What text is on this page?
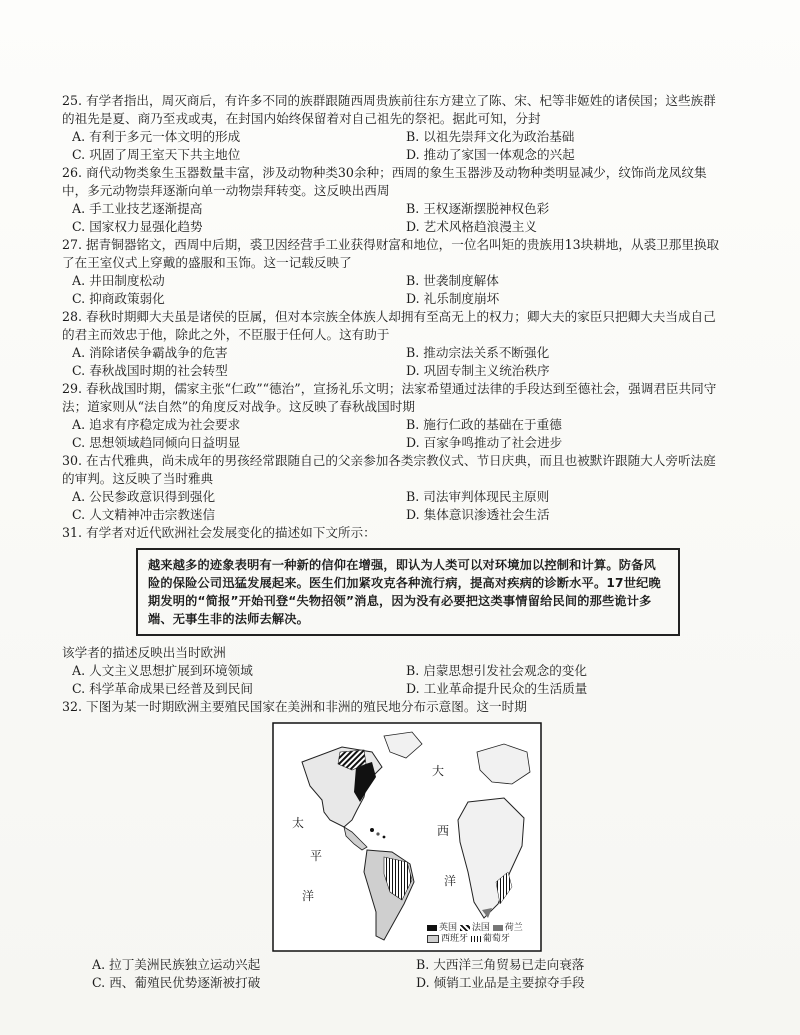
25. 有学者指出，周灭商后，有许多不同的族群跟随西周贵族前往东方建立了陈、宋、杞等非姬姓的诸侯国；这些族群的祖先是夏、商乃至戎或夷，在封国内始终保留着对自己祖先的祭祀。据此可知，分封
A. 有利于多元一体文明的形成	B. 以祖先崇拜文化为政治基础
C. 巩固了周王室天下共主地位	D. 推动了家国一体观念的兴起
26. 商代动物类象生玉器数量丰富，涉及动物种类30余种；西周的象生玉器涉及动物种类明显减少，纹饰尚龙凤纹集中，多元动物崇拜逐渐向单一动物崇拜转变。这反映出西周
A. 手工业技艺逐渐提高	B. 王权逐渐摆脱神权色彩
C. 国家权力显强化趋势	D. 艺术风格趋浪漫主义
27. 据青铜器铭文，西周中后期，裘卫因经营手工业获得财富和地位，一位名叫矩的贵族用13块耕地，从裘卫那里换取了在王室仪式上穿戴的盛服和玉饰。这一记载反映了
A. 井田制度松动	B. 世袭制度解体
C. 抑商政策弱化	D. 礼乐制度崩坏
28. 春秋时期卿大夫虽是诸侯的臣属，但对本宗族全体族人却拥有至高无上的权力；卿大夫的家臣只把卿大夫当成自己的君主而效忠于他，除此之外，不臣服于任何人。这有助于
A. 消除诸侯争霸战争的危害	B. 推动宗法关系不断强化
C. 春秋战国时期的社会转型	D. 巩固专制主义统治秩序
29. 春秋战国时期，儒家主张“仁政”“德治”，宣扬礼乐文明；法家希望通过法律的手段达到至德社会，强调君臣共同守法；道家则从“法自然”的角度反对战争。这反映了春秋战国时期
A. 追求有序稳定成为社会要求	B. 施行仁政的基础在于重德
C. 思想领域趋同倾向日益明显	D. 百家争鸣推动了社会进步
30. 在古代雅典，尚未成年的男孩经常跟随自己的父亲参加各类宗教仪式、节日庆典，而且也被默许跟随大人旁听法庭的审判。这反映了当时雅典
A. 公民参政意识得到强化	B. 司法审判体现民主原则
C. 人文精神冲击宗教迷信	D. 集体意识渗透社会生活
31. 有学者对近代欧洲社会发展变化的描述如下文所示：
越来越多的迹象表明有一种新的信仰在增强，即认为人类可以对环境加以控制和计算。防备风险的保险公司迅猛发展起来。医生们加紧攻克各种流行病，提高对疾病的诊断水平。17世纪晚期发明的“简报”开始刊登“失物招领”消息，因为没有必要把这类事情留给民间的那些诡计多端、无事生非的法师去解决。
该学者的描述反映出当时欧洲
A. 人文主义思想扩展到环境领域	B. 启蒙思想引发社会观念的变化
C. 科学革命成果已经普及到民间	D. 工业革命提升民众的生活质量
32. 下图为某一时期欧洲主要殖民国家在美洲和非洲的殖民地分布示意图。这一时期
太
平
洋
大
西
洋
英国 法国 荷兰
西班牙 葡萄牙
A. 拉丁美洲民族独立运动兴起	B. 大西洋三角贸易已走向衰落
C. 西、葡殖民优势逐渐被打破	D. 倾销工业品是主要掠夺手段
